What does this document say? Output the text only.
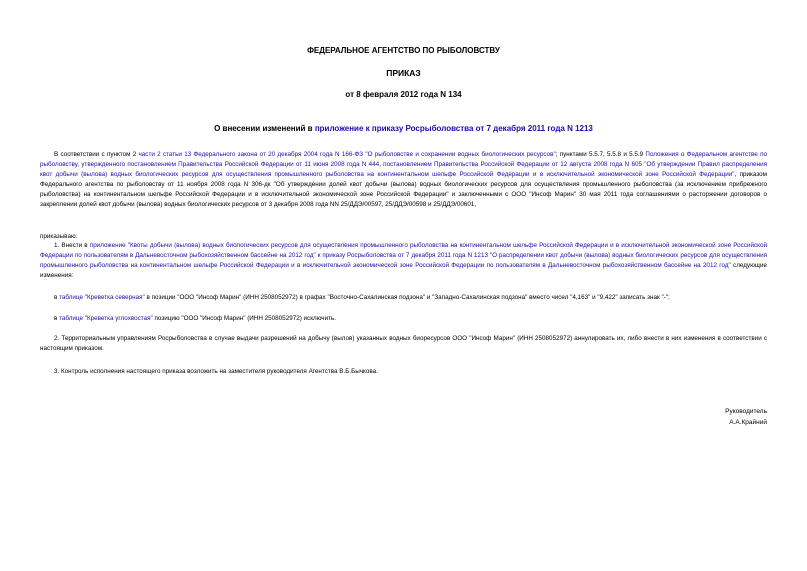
ФЕДЕРАЛЬНОЕ АГЕНТСТВО ПО РЫБОЛОВСТВУ
ПРИКАЗ
от 8 февраля 2012 года N 134
О внесении изменений в приложение к приказу Росрыболовства от 7 декабря 2011 года N 1213
В соответствии с пунктом 2 части 2 статьи 13 Федерального закона от 20 декабря 2004 года N 166-ФЗ "О рыболовстве и сохранении водных биологических ресурсов"; пунктами 5.5.7, 5.5.8 и 5.5.9 Положения о Федеральном агентстве по рыболовству, утвержденного постановлением Правительства Российской Федерации от 11 июня 2008 года N 444, постановлением Правительства Российской Федерации от 12 августа 2008 года N 605 "Об утверждении Правил распределения квот добычи (вылова) водных биологических ресурсов для осуществления промышленного рыболовства на континентальном шельфе Российской Федерации и в исключительной экономической зоне Российской Федерации", приказом Федерального агентства по рыболовству от 11 ноября 2008 года N 306-дк "Об утверждении долей квот добычи (вылова) водных биологических ресурсов для осуществления промышленного рыболовства (за исключением прибрежного рыболовства) на континентальном шельфе Российской Федерации и в исключительной экономической зоне Российской Федерации" и заключенными с ООО "Инсоф Марин" 30 мая 2011 года соглашениями о расторжении договоров о закреплении долей квот добычи (вылова) водных биологических ресурсов от 3 декабря 2008 года NN 25/ДДЭ/00597, 25/ДДЭ/00598 и 25/ДДЭ/00601,
приказываю:
1. Внести в приложение "Квоты добычи (вылова) водных биологических ресурсов для осуществления промышленного рыболовства на континентальном шельфе Российской Федерации и в исключительной экономической зоне Российской Федерации по пользователям в Дальневосточном рыбохозяйственном бассейне на 2012 год" к приказу Росрыболовства от 7 декабря 2011 года N 1213 "О распределении квот добычи (вылова) водных биологических ресурсов для осуществления промышленного рыболовства на континентальном шельфе Российской Федерации и в исключительной экономической зоне Российской Федерации по пользователям в Дальневосточном рыбохозяйственном бассейне на 2012 год" следующие изменения:
в таблице "Креветка северная" в позиции "ООО "Инсоф Марин" (ИНН 2508052972) в графах "Восточно-Сахалинская подзона" и "Западно-Сахалинская подзона" вместо чисел "4,163" и "9,422" записать знак "-";
в таблице "Креветка углохвостая" позицию "ООО "Инсоф Марин" (ИНН 2508052972) исключить.
2. Территориальным управлениям Росрыболовства в случае выдачи разрешений на добычу (вылов) указанных водных биоресурсов ООО "Инсоф Марин" (ИНН 2508052972) аннулировать их, либо внести в них изменения в соответствии с настоящим приказом.
3. Контроль исполнения настоящего приказа возложить на заместителя руководителя Агентства В.Б.Бычкова.
Руководитель
А.А.Крайний
